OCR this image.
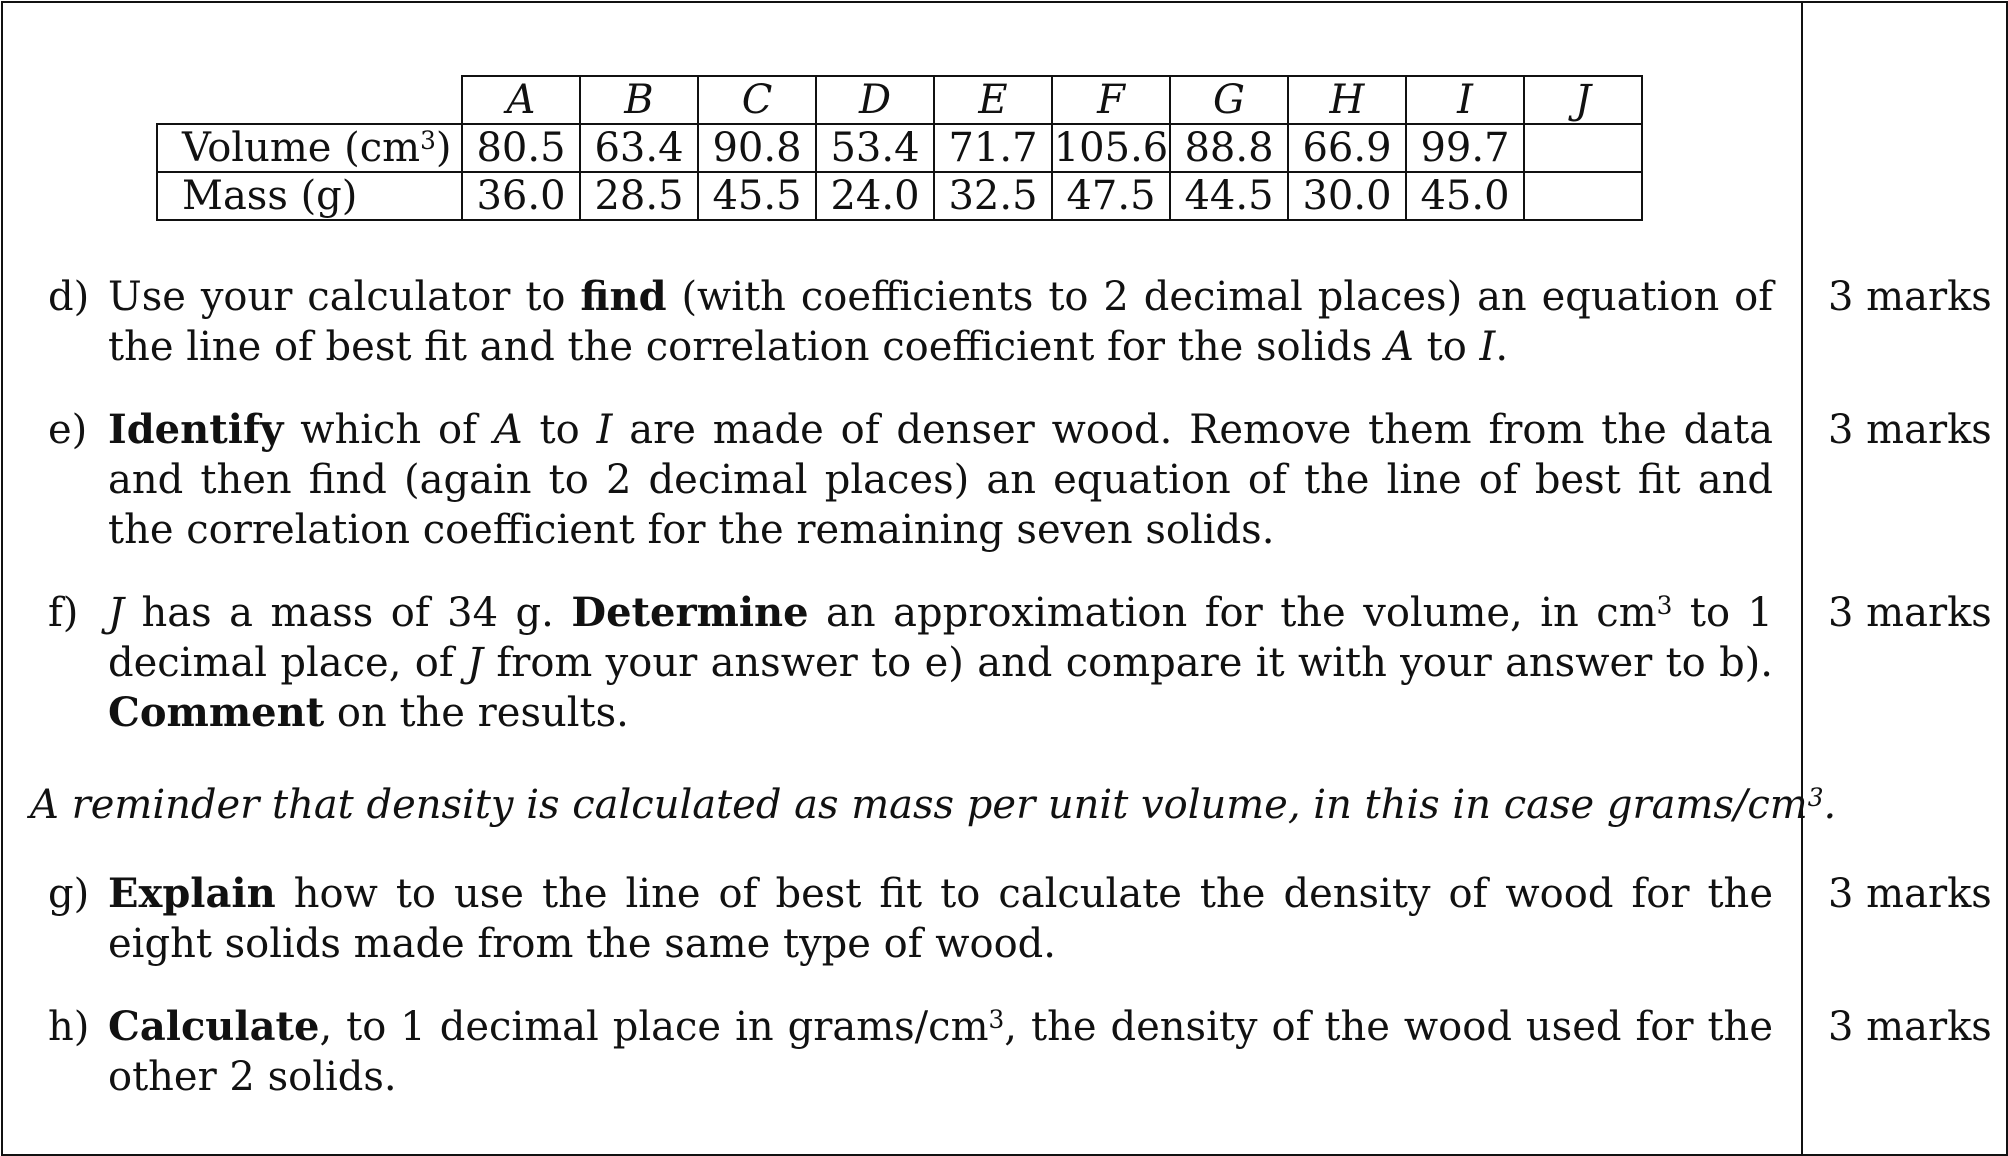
	A	B	C	D	E	F	G	H	I	J
Volume $(cm^3)$	80.5	63.4	90.8	53.4	71.7	105.6	88.8	66.9	99.7	
Mass (g)	36.0	28.5	45.5	24.0	32.5	47.5	44.5	30.0	45.0	
d) Use your calculator to find (with coefficients to 2 decimal places) an equation of the line of best fit and the correlation coefficient for the solids A to I.
3 marks
e) Identify which of A to I are made of denser wood. Remove them from the data and then find (again to 2 decimal places) an equation of the line of best fit and the correlation coefficient for the remaining seven solids.
3 marks
f) J has a mass of 34 g. Determine an approximation for the volume, in $cm^3$ to 1 decimal place, of J from your answer to e) and compare it with your answer to b). Comment on the results.
3 marks
A reminder that density is calculated as mass per unit volume, in this in case grams/$cm^3$.
g) Explain how to use the line of best fit to calculate the density of wood for the eight solids made from the same type of wood.
3 marks
h) Calculate, to 1 decimal place in grams/$cm^3$, the density of the wood used for the other 2 solids.
3 marks
